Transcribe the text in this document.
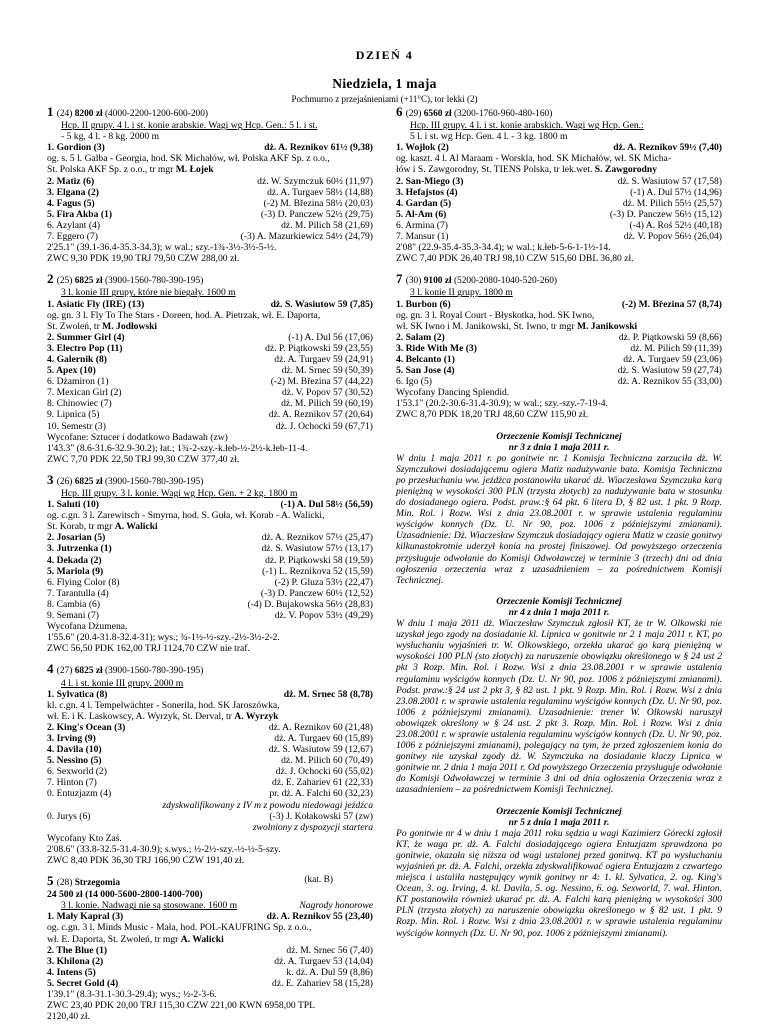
DZIEŃ 4
Niedziela, 1 maja
Pochmurno z przejaśnieniami (+11°C), tor lekki (2)
1 (24) 8200 zł (4000-2200-1200-600-200)
Hcp. II grupy. 4 l. i st. konie arabskie. Wagi wg Hcp. Gen.: 5 l. i st.
- 5 kg, 4 l. - 8 kg. 2000 m
1. Gordion (3)	dż. A. Reznikov 61½ (9,38)
og. s. 5 l. Galba - Georgia, hod. SK Michałów, wł. Polska AKF Sp. z o.o.,
St. Polska AKF Sp. z o.o., tr mgr M. Łojek
2. Matiz (6)	dż. W. Szymczuk 60½ (11,97)
3. Elgana (2)	dż. A. Turgaev 58½ (14,88)
4. Fagus (5)	(-2) M. Březina 58½ (20,03)
5. Fira Akba (1)	(-3) D. Panczew 52½ (29,75)
6. Azylant (4)	dż. M. Pilich 58 (21,69)
7. Eggero (7)	(-3) A. Mazurkiewicz 54½ (24,79)
2'25.1" (39.1-36.4-35.3-34.3); w wal.; szy.-1¾-3½-3½-5-½.
ZWC 9,30 PDK 19,90 TRJ 79,50 CZW 288,00 zł.
2 (25) 6825 zł (3900-1560-780-390-195)
3 l. konie III grupy, które nie biegały. 1600 m
1. Asiatic Fly (IRE) (13)	dż. S. Wasiutow 59 (7,85)
og. gn. 3 l. Fly To The Stars - Doreen, hod. A. Pietrzak, wł. E. Daporta,
St. Zwoleń, tr M. Jodłowski
2. Summer Girl (4)	(-1) A. Dul 56 (17,06)
3. Electro Pop (11)	dż. P. Piątkowski 59 (23,55)
4. Galernik (8)	dż. A. Turgaev 59 (24,91)
5. Apex (10)	dż. M. Srnec 59 (50,39)
6. Dżamiron (1)	(-2) M. Březina 57 (44,22)
7. Mexican Girl (2)	dż. V. Popov 57 (30,52)
8. Chinowiec (7)	dż. M. Pilich 59 (60,19)
9. Lipnica (5)	dż. A. Reznikov 57 (20,64)
10. Semestr (3)	dż. J. Ochocki 59 (67,71)
Wycofane: Sztucer i dodatkowo Badawah (zw)
1'43.3" (8.6-31.6-32.9-30.2); łat.; 1¾-2-szy.-k.łeb-½-2½-k.łeb-11-4.
ZWC 7,70 PDK 22,50 TRJ 99,30 CZW 377,40 zł.
3 (26) 6825 zł (3900-1560-780-390-195)
Hcp. III grupy. 3 l. konie. Wagi wg Hcp. Gen. + 2 kg. 1800 m
1. Saluti (10)	(-1) A. Dul 58½ (56,59)
og. c.gn. 3 l. Zarewitsch - Smyrna, hod. S. Guła, wł. Korab - A. Walicki,
St. Korab, tr mgr A. Walicki
2. Josarian (5)	dż. A. Reznikov 57½ (25,47)
3. Jutrzenka (1)	dż. S. Wasiutow 57½ (13,17)
4. Dekada (2)	dż. P. Piątkowski 58 (19,59)
5. Mariola (9)	(-1) L. Reznikova 52 (15,59)
6. Flying Color (8)	(-2) P. Gluza 53½ (22,47)
7. Tarantulla (4)	(-3) D. Panczew 60½ (12,52)
8. Cambia (6)	(-4) D. Bujakowska 56½ (28,83)
9. Semani (7)	dż. V. Popov 53½ (49,29)
Wycofana Dżumena.
1'55.6" (20.4-31.8-32.4-31); wys.; ¾-1½-½-szy.-2½-3½-2-2.
ZWC 56,50 PDK 162,00 TRJ 1124,70 CZW nie traf.
4 (27) 6825 zł (3900-1560-780-390-195)
4 l. i st. konie III grupy. 2000 m
1. Sylvatica (8)	dż. M. Srnec 58 (8,78)
kl. c.gn. 4 l. Tempelwächter - Sonerila, hod. SK Jaroszówka,
wł. E. i K. Laskowscy, A. Wyrzyk, St. Derval, tr A. Wyrzyk
2. King's Ocean (3)	dż. A. Reznikov 60 (21,48)
3. Irving (9)	dż. A. Turgaev 60 (15,89)
4. Davila (10)	dż. S. Wasiutow 59 (12,67)
5. Nessino (5)	dż. M. Pilich 60 (70,49)
6. Sexworld (2)	dż. J. Ochocki 60 (55,02)
7. Hinton (7)	dż. E. Zahariev 61 (22,33)
0. Entuzjazm (4)	pr. dż. A. Falchi 60 (32,23)
zdyskwalifikowany z IV m z powodu niedowagi jeźdźca
0. Jurys (6)	(-3) J. Kołakowski 57 (zw)
zwolniony z dyspozycji startera
Wycofany Kto Zaś.
2'08.6" (33.8-32.5-31.4-30.9); s.wys.; ½-2½-szy.-½-½-5-szy.
ZWC 8,40 PDK 36,30 TRJ 166,90 CZW 191,40 zł.
5 (28) Strzegomia	(kat. B)
24 500 zł (14 000-5600-2800-1400-700)
3 l. konie. Nadwagi nie są stosowane. 1600 m	Nagrody honorowe
1. Mały Kapral (3)	dż. A. Reznikov 55 (23,40)
og. c.gn. 3 l. Minds Music - Mała, hod. POL-KAUFRING Sp. z o.o.,
wł. E. Daporta, St. Zwoleń, tr mgr A. Walicki
2. The Blue (1)	dż. M. Srnec 56 (7,40)
3. Khilona (2)	dż. A. Turgaev 53 (14,04)
4. Intens (5)	k. dż. A. Dul 59 (8,86)
5. Secret Gold (4)	dż. E. Zahariev 58 (15,28)
1'39.1" (8.3-31.1-30.3-29.4); wys.; ½-2-3-6.
ZWC 23,40 PDK 20,00 TRJ 115,30 CZW 221,00 KWN 6958,00 TPL
2120,40 zł.
6 (29) 6560 zł (3200-1760-960-480-160)
Hcp. III grupy. 4 l. i st. konie arabskich. Wagi wg Hcp. Gen.:
5 l. i st. wg Hcp. Gen. 4 l. - 3 kg. 1800 m
1. Wojłok (2)	dż. A. Reznikov 59½ (7,40)
og. kaszt. 4 l. Al Maraam - Worskla, hod. SK Michałów, wł. SK Micha-
łów i S. Zawgorodny, St. TIENS Polska, tr lek.wet. S. Zawgorodny
2. San-Miego (3)	dż. S. Wasiutow 57 (17,58)
3. Hefajstos (4)	(-1) A. Dul 57½ (14,96)
4. Gardan (5)	dż. M. Pilich 55½ (25,57)
5. Al-Am (6)	(-3) D. Panczew 56½ (15,12)
6. Armina (7)	(-4) A. Roś 52½ (40,18)
7. Mansur (1)	dż. V. Popov 56½ (26,04)
2'08" (22.9-35.4-35.3-34.4); w wal.; k.łeb-5-6-1-1½-14.
ZWC 7,40 PDK 26,40 TRJ 98,10 CZW 515,60 DBL 36,80 zł.
7 (30) 9100 zł (5200-2080-1040-520-260)
3 l. konie II grupy. 1800 m
1. Burbon (6)	(-2) M. Březina 57 (8,74)
og. gn. 3 l. Royal Court - Błyskotka, hod. SK Iwno,
wł. SK Iwno i M. Janikowski, St. Iwno, tr mgr M. Janikowski
2. Salam (2)	dż. P. Piątkowski 59 (8,66)
3. Ride With Me (3)	dż. M. Pilich 59 (11,39)
4. Belcanto (1)	dż. A. Turgaev 59 (23,06)
5. San Jose (4)	dż. S. Wasiutow 59 (27,74)
6. Igo (5)	dż. A. Reznikov 55 (33,00)
Wycofany Dancing Splendid.
1'53.1" (20.2-30.6-31.4-30.9); w wal.; szy.-szy.-7-19-4.
ZWC 8,70 PDK 18,20 TRJ 48,60 CZW 115,90 zł.
Orzeczenie Komisji Technicznej
nr 3 z dnia 1 maja 2011 r.
W dniu 1 maja 2011 r. po gonitwie nr. 1 Komisja Techniczna zarzuciła dż. W. Szymczukowi dosiadającemu ogiera Matiz nadużywanie bata. Komisja Techniczna po przesłuchaniu ww. jeźdźca postanowiła ukarać dż. Wiaczesława Szymczuka karą pieniężną w wysokości 300 PLN (trzysta złotych) za nadużywanie bata w stosunku do dosiadanego ogiera. Podst. praw.:§ 64 pkt. 6 litera D, § 82 ust. 1 pkt. 9 Rozp. Min. Rol. i Rozw. Wsi z dnia 23.08.2001 r. w sprawie ustalenia regulaminu wyścigów konnych (Dz. U. Nr 90, poz. 1006 z późniejszymi zmianami). Uzasadnienie: Dż. Wiaczesław Szymczuk dosiadający ogiera Matiz w czasie gonitwy kilkunastokrotnie uderzył konia na prostej finiszowej. Od powyższego orzeczenia przysługuje odwołanie do Komisji Odwoławczej w terminie 3 (trzech) dni od dnia ogłoszenia orzeczenia wraz z uzasadnieniem – za pośrednictwem Komisji Technicznej.
Orzeczenie Komisji Technicznej
nr 4 z dnia 1 maja 2011 r.
W dniu 1 maja 2011 dż. Wiaczesław Szymczuk zgłosił KT, że tr W. Olkowski nie uzyskał jego zgody na dosiadanie kl. Lipnica w gonitwie nr 2 1 maja 2011 r. KT, po wysłuchaniu wyjaśnień tr. W. Olkowskiego, orzekła ukarać go karą pieniężną w wysokości 100 PLN (sto złotych) za naruszenie obowiązku określonego w § 24 ust 2 pkt 3 Rozp. Min. Rol. i Rozw. Wsi z dnia 23.08.2001 r w sprawie ustalenia regulaminu wyścigów konnych (Dz. U. Nr 90, poz. 1006 z późniejszymi zmianami). Podst. praw.:§ 24 ust 2 pkt 3, § 82 ust. 1 pkt. 9 Rozp. Min. Rol. i Rozw. Wsi z dnia 23.08.2001 r. w sprawie ustalenia regulaminu wyścigów konnych (Dz. U. Nr 90, poz. 1006 z późniejszymi zmianami). Uzasadnienie: trener W. Olkowski naruszył obowiązek określony w § 24 ust. 2 pkt 3. Rozp. Min. Rol. i Rozw. Wsi z dnia 23.08.2001 r. w sprawie ustalenia regulaminu wyścigów konnych (Dz. U. Nr 90, poz. 1006 z późniejszymi zmianami), polegający na tym, że przed zgłoszeniem konia do gonitwy nie uzyskał zgody dż. W. Szymczuka na dosiadanie klaczy Lipnica w gonitwie nr. 2 dnia 1 maja 2011 r. Od powyższego Orzeczenia przysługuje odwołanie do Komisji Odwoławczej w terminie 3 dni od dnia ogłoszenia Orzeczenia wraz z uzasadnieniem – za pośrednictwem Komisji Technicznej.
Orzeczenie Komisji Technicznej
nr 5 z dnia 1 maja 2011 r.
Po gonitwie nr 4 w dniu 1 maja 2011 roku sędzia u wagi Kazimierz Górecki zgłosił KT, że waga pr. dż. A. Falchi dosiadającego ogiera Entuzjazm sprawdzona po gonitwie, okazała się niższa od wagi ustalonej przed gonitwą. KT po wysłuchaniu wyjaśnień pr. dż. A. Falchi, orzekła zdyskwalifikować ogiera Entuzjazm z czwartego miejsca i ustaliła następujący wynik gonitwy nr 4: 1. kl. Sylvatica, 2. og. King's Ocean, 3. og. Irving, 4. kl. Davila, 5. og. Nessino, 6. og. Sexworld, 7. wał. Hinton. KT postanowiła również ukarać pr. dż. A. Falchi karą pieniężną w wysokości 300 PLN (trzysta złotych) za naruszenie obowiązku określonego w § 82 ust. 1 pkt. 9 Rozp. Min. Rol. i Rozw. Wsi z dnia 23.08.2001 r. w sprawie ustalenia regulaminu wyścigów konnych (Dz. U. Nr 90, poz. 1006 z późniejszymi zmianami).
